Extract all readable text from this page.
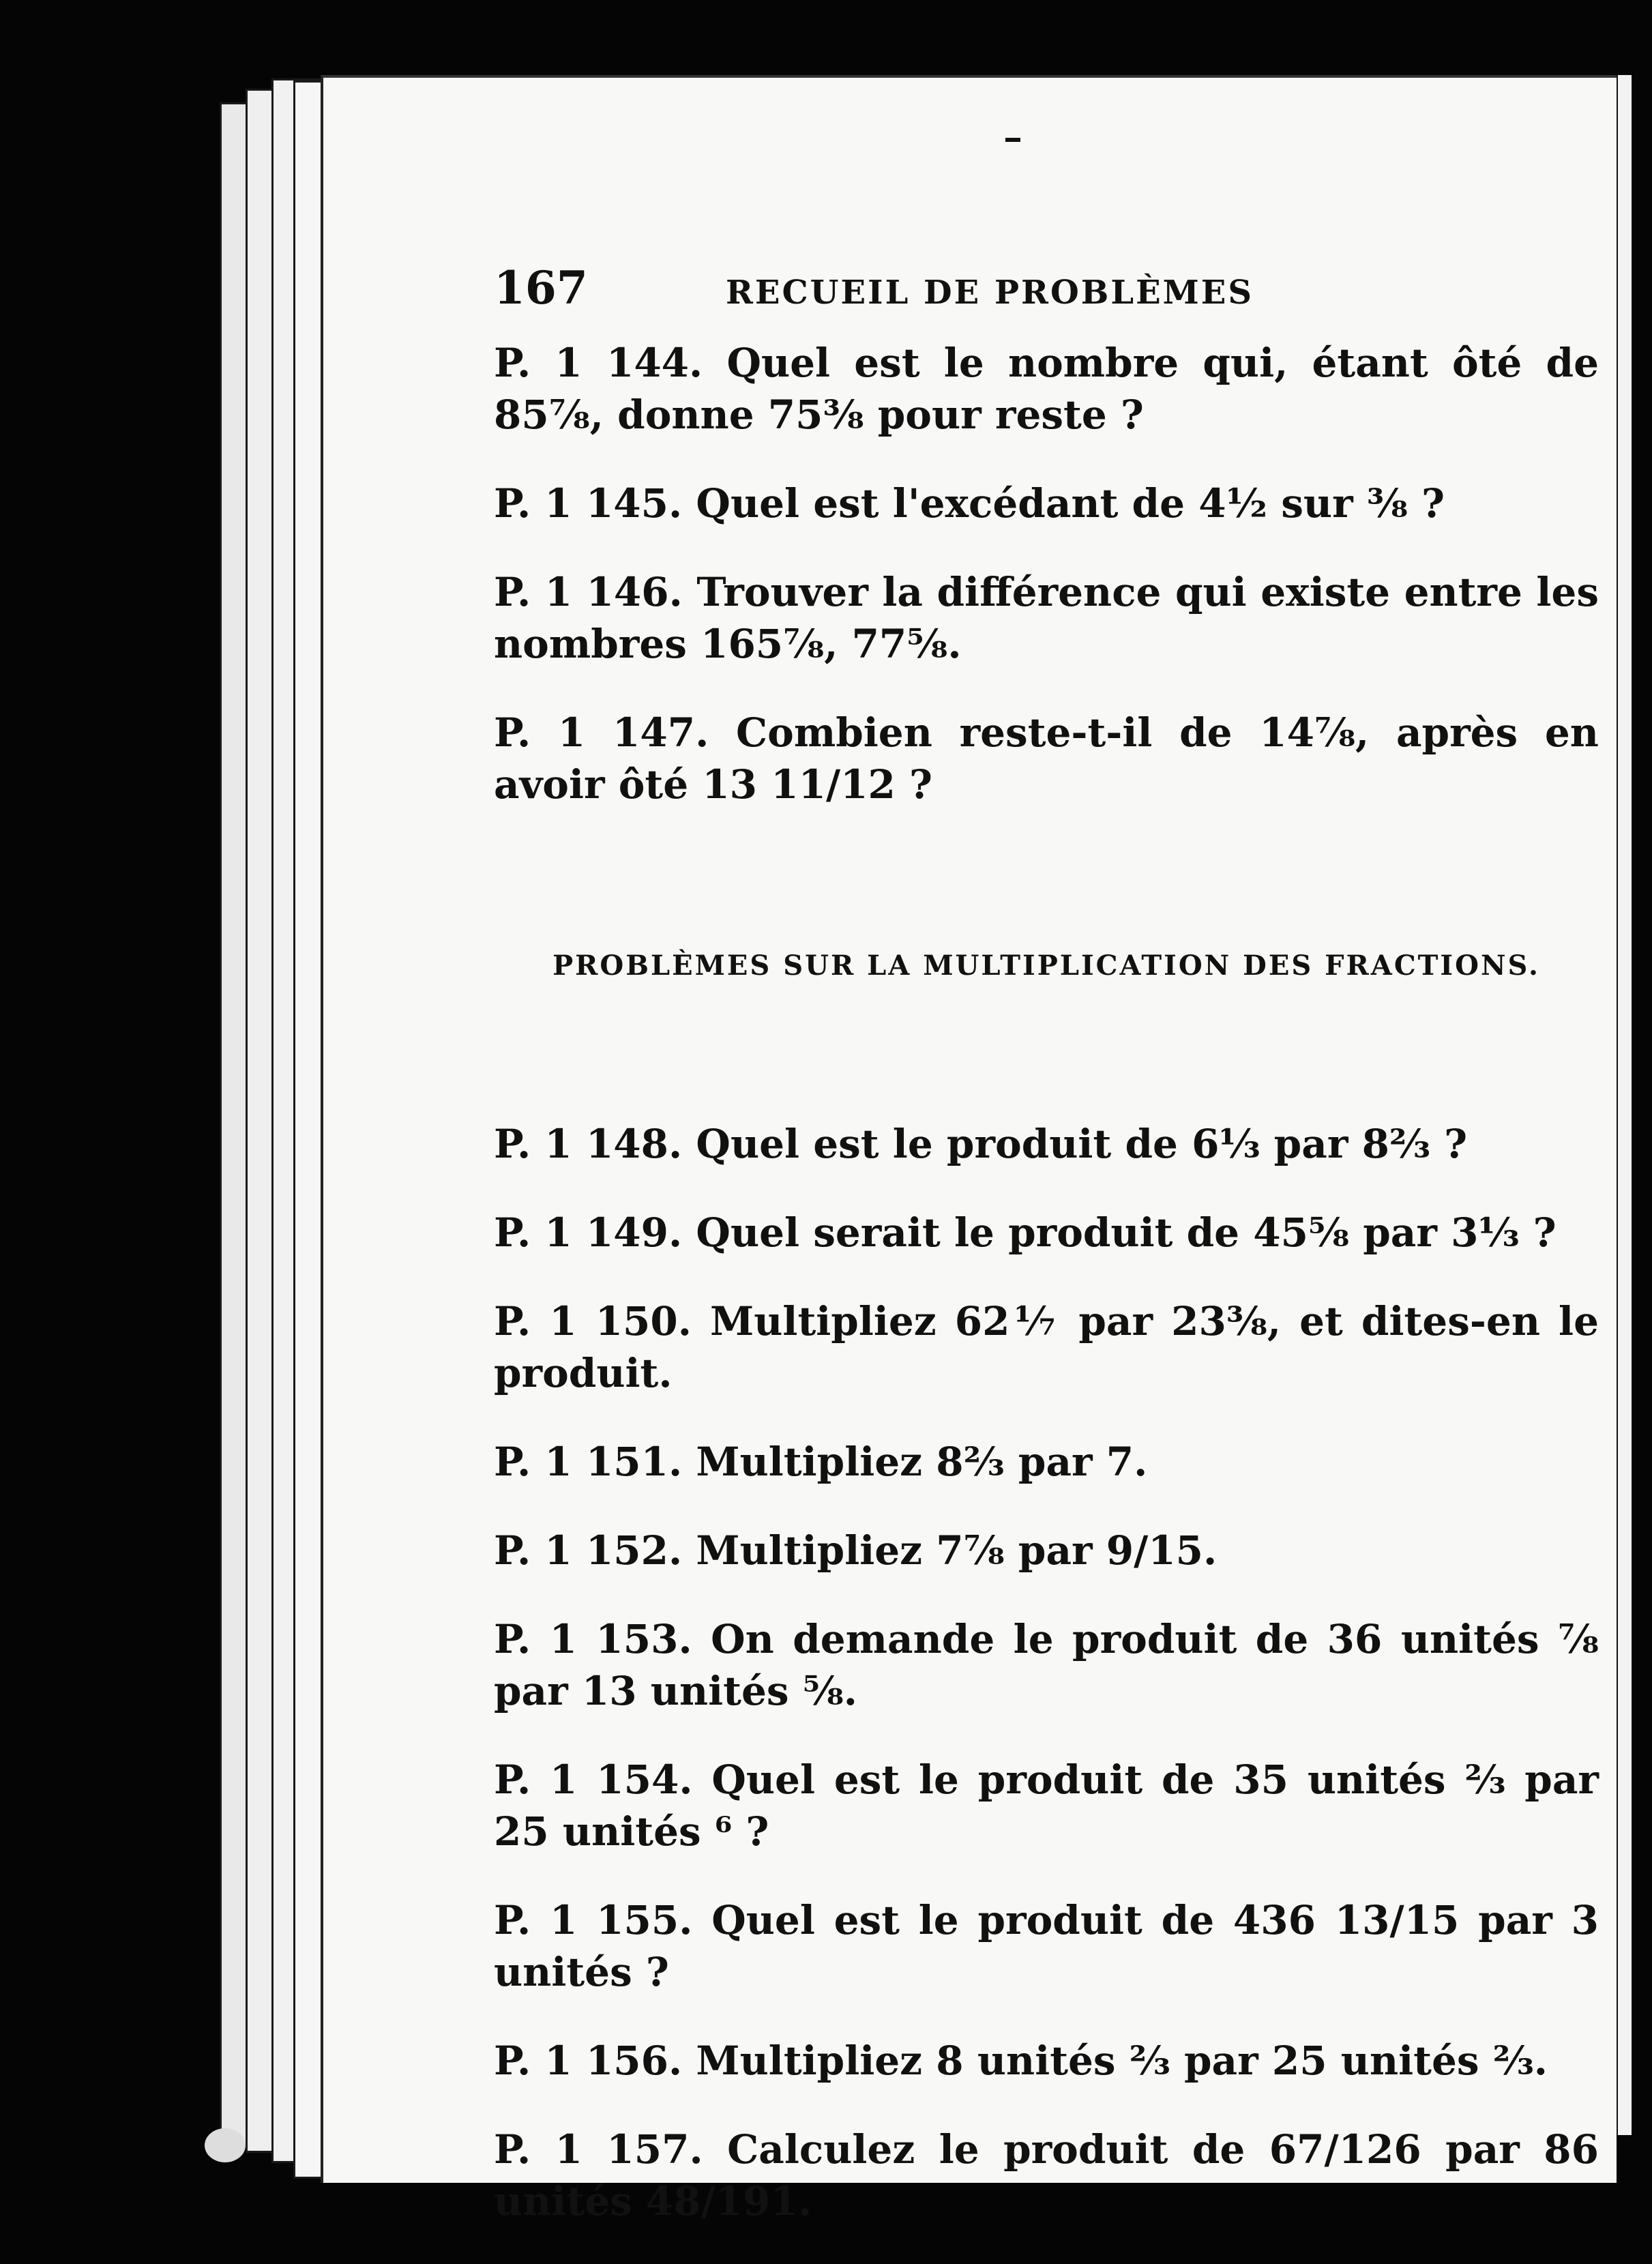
167	RECUEIL DE PROBLÈMES
P. 1 144. Quel est le nombre qui, étant ôté de 85⅞, donne 75⅜ pour reste ?
P. 1 145. Quel est l'excédant de 4½ sur ⅜ ?
P. 1 146. Trouver la différence qui existe entre les nombres 165⅞, 77⅝.
P. 1 147. Combien reste-t-il de 14⅞, après en avoir ôté 13 11/12 ?
PROBLÈMES SUR LA MULTIPLICATION DES FRACTIONS.
P. 1 148. Quel est le produit de 6⅓ par 8⅔ ?
P. 1 149. Quel serait le produit de 45⅝ par 3⅓ ?
P. 1 150. Multipliez 62⅐ par 23⅜, et dites-en le produit.
P. 1 151. Multipliez 8⅔ par 7.
P. 1 152. Multipliez 7⅞ par 9/15.
P. 1 153. On demande le produit de 36 unités ⅞ par 13 unités ⅝.
P. 1 154. Quel est le produit de 35 unités ⅔ par 25 unités ⁶ ?
P. 1 155. Quel est le produit de 436 13/15 par 3 unités ?
P. 1 156. Multipliez 8 unités ⅔ par 25 unités ⅔.
P. 1 157. Calculez le produit de 67/126 par 86 unités 48/191.
